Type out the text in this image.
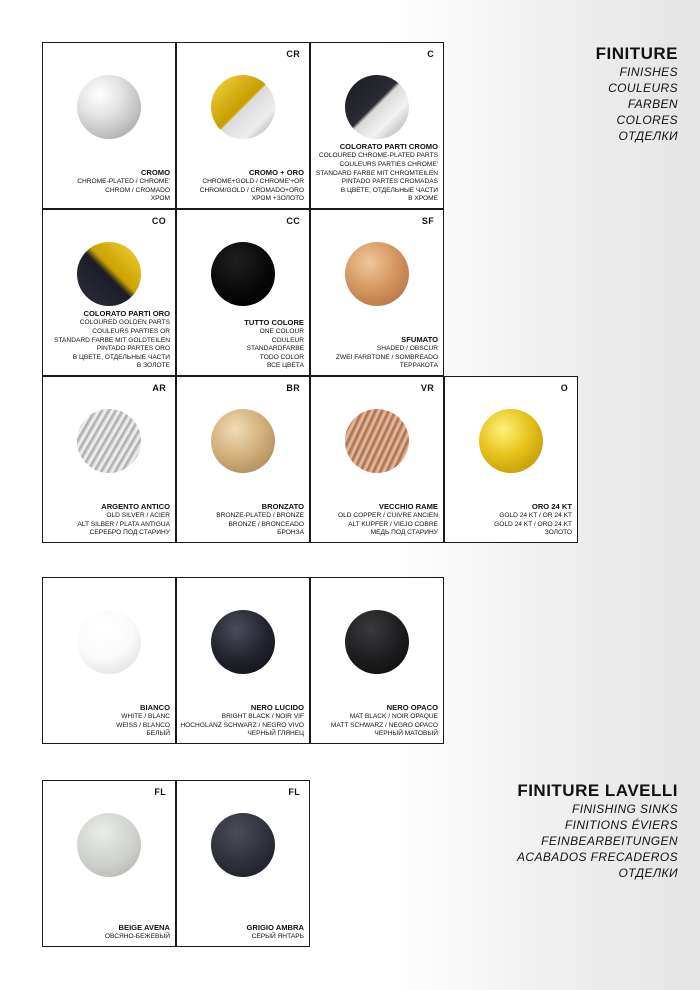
FINITURE
FINISHES
COULEURS
FARBEN
COLORES
ОТДЕЛКИ
FINITURE LAVELLI
FINISHING SINKS
FINITIONS ÉVIERS
FEINBEARBEITUNGEN
ACABADOS FRECADEROS
ОТДЕЛКИ
CROMO
CHROME-PLATED / CHROME'
CHROM / CROMADO
ХРОМ
CR
CROMO + ORO
CHROME+GOLD / CHROME'+OR
CHROM/GOLD / CROMADO+ORO
ХРОМ +ЗОЛОТО
C
COLORATO PARTI CROMO
COLOURED CHROME-PLATED PARTS
COULEURS PARTIES CHROME'
STANDARD FARBE MIT CHROMTEILEN
PINTADO PARTES CROMADAS
В ЦВЕТЕ, ОТДЕЛЬНЫЕ ЧАСТИ
В ХРОМЕ
CO
COLORATO PARTI ORO
COLOURED GOLDEN PARTS
COULEURS PARTIES OR
STANDARD FARBE MIT GOLDTEILEN
PINTADO PARTES ORO
В ЦВЕТЕ, ОТДЕЛЬНЫЕ ЧАСТИ
В ЗОЛОТЕ
CC
TUTTO COLORE
ONE COLOUR
COULEUR
STANDARDFARBE
TODO COLOR
ВСЕ ЦВЕТА
SF
SFUMATO
SHADED / OBSCUR
ZWEI FARBTONE / SOMBREADO
ТЕРРАКОТА
AR
ARGENTO ANTICO
OLD SILVER / ACIER
ALT SILBER / PLATA ANTIGUA
СЕРЕБРО ПОД СТАРИНУ
BR
BRONZATO
BRONZE-PLATED / BRONZE
BRONZE / BRONCEADO
БРОНЗА
VR
VECCHIO RAME
OLD COPPER / CUIVRE ANCIEN
ALT KUPFER / VIEJO COBRE
МЕДЬ ПОД СТАРИНУ
O
ORO 24 KT
GOLD 24 KT / OR 24 KT
GOLD 24 KT / ORO 24 KT
ЗОЛОТО
BIANCO
WHITE / BLANC
WEISS / BLANCO
БЕЛЫЙ
NERO LUCIDO
BRIGHT BLACK / NOIR VIF
HOCHGLANZ SCHWARZ / NEGRO VIVO
ЧЕРНЫЙ ГЛЯНЕЦ
NERO OPACO
MAT BLACK / NOIR OPAQUE
MATT SCHWARZ / NEGRO OPACO
ЧЕРНЫЙ МАТОВЫЙ
FL
BEIGE AVENA
ОВСЯНО-БЕЖЕВЫЙ
FL
GRIGIO AMBRA
СЕРЫЙ ЯНТАРЬ
